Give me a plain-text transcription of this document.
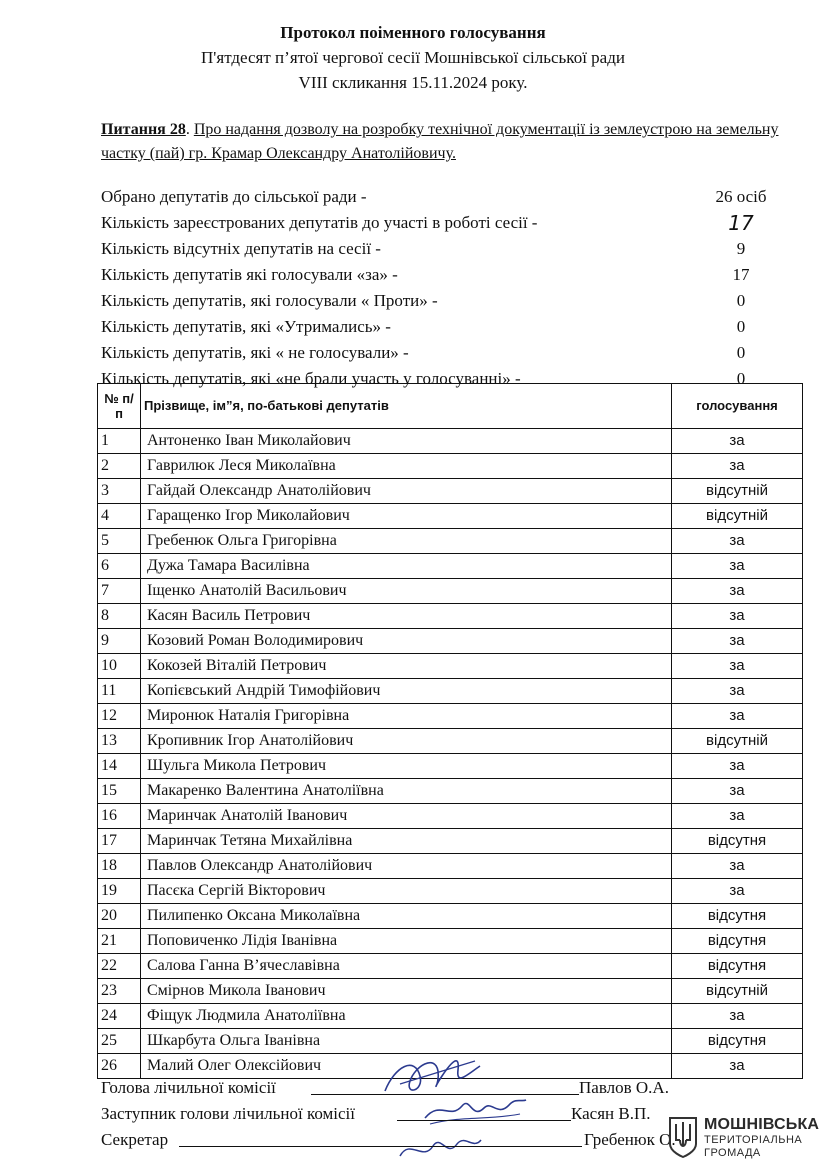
Протокол поіменного голосування
П'ятдесят п’ятої чергової сесії Мошнівської сільської ради
VIII скликання 15.11.2024 року.
Питання 28. Про надання дозволу на розробку технічної документації із землеустрою на земельну частку (пай) гр. Крамар Олександру Анатолійовичу.
Обрано депутатів до сільської ради -	26 осіб
Кількість зареєстрованих депутатів до участі в роботі сесії -	17
Кількість відсутніх депутатів на сесії -	9
Кількість депутатів які голосували «за» -	17
Кількість депутатів, які голосували « Проти» -	0
Кількість депутатів, які «Утримались» -	0
Кількість депутатів, які « не голосували» -	0
Кількість депутатів, які «не брали участь у голосуванні» -	0
№ п/п	Прізвище, ім”я, по-батькові депутатів	голосування
1	Антоненко Іван Миколайович	за
2	Гаврилюк Леся Миколаївна	за
3	Гайдай Олександр Анатолійович	відсутній
4	Гаращенко Ігор Миколайович	відсутній
5	Гребенюк Ольга Григорівна	за
6	Дужа Тамара Василівна	за
7	Іщенко Анатолій Васильович	за
8	Касян Василь Петрович	за
9	Козовий Роман Володимирович	за
10	Кокозей Віталій Петрович	за
11	Копієвський Андрій Тимофійович	за
12	Миронюк Наталія Григорівна	за
13	Кропивник Ігор Анатолійович	відсутній
14	Шульга Микола Петрович	за
15	Макаренко Валентина Анатоліївна	за
16	Маринчак Анатолій Іванович	за
17	Маринчак Тетяна Михайлівна	відсутня
18	Павлов Олександр Анатолійович	за
19	Пасєка Сергій Вікторович	за
20	Пилипенко Оксана Миколаївна	відсутня
21	Поповиченко Лідія Іванівна	відсутня
22	Салова Ганна В’ячеславівна	відсутня
23	Смірнов Микола Іванович	відсутній
24	Фіщук Людмила Анатоліївна	за
25	Шкарбута Ольга Іванівна	відсутня
26	Малий Олег Олексійович	за
Голова лічильної комісії	Павлов О.А.
Заступник голови лічильної комісії	Касян В.П.
Секретар	Гребенюк О.
МОШНІВСЬКА
ТЕРИТОРІАЛЬНА
ГРОМАДА
